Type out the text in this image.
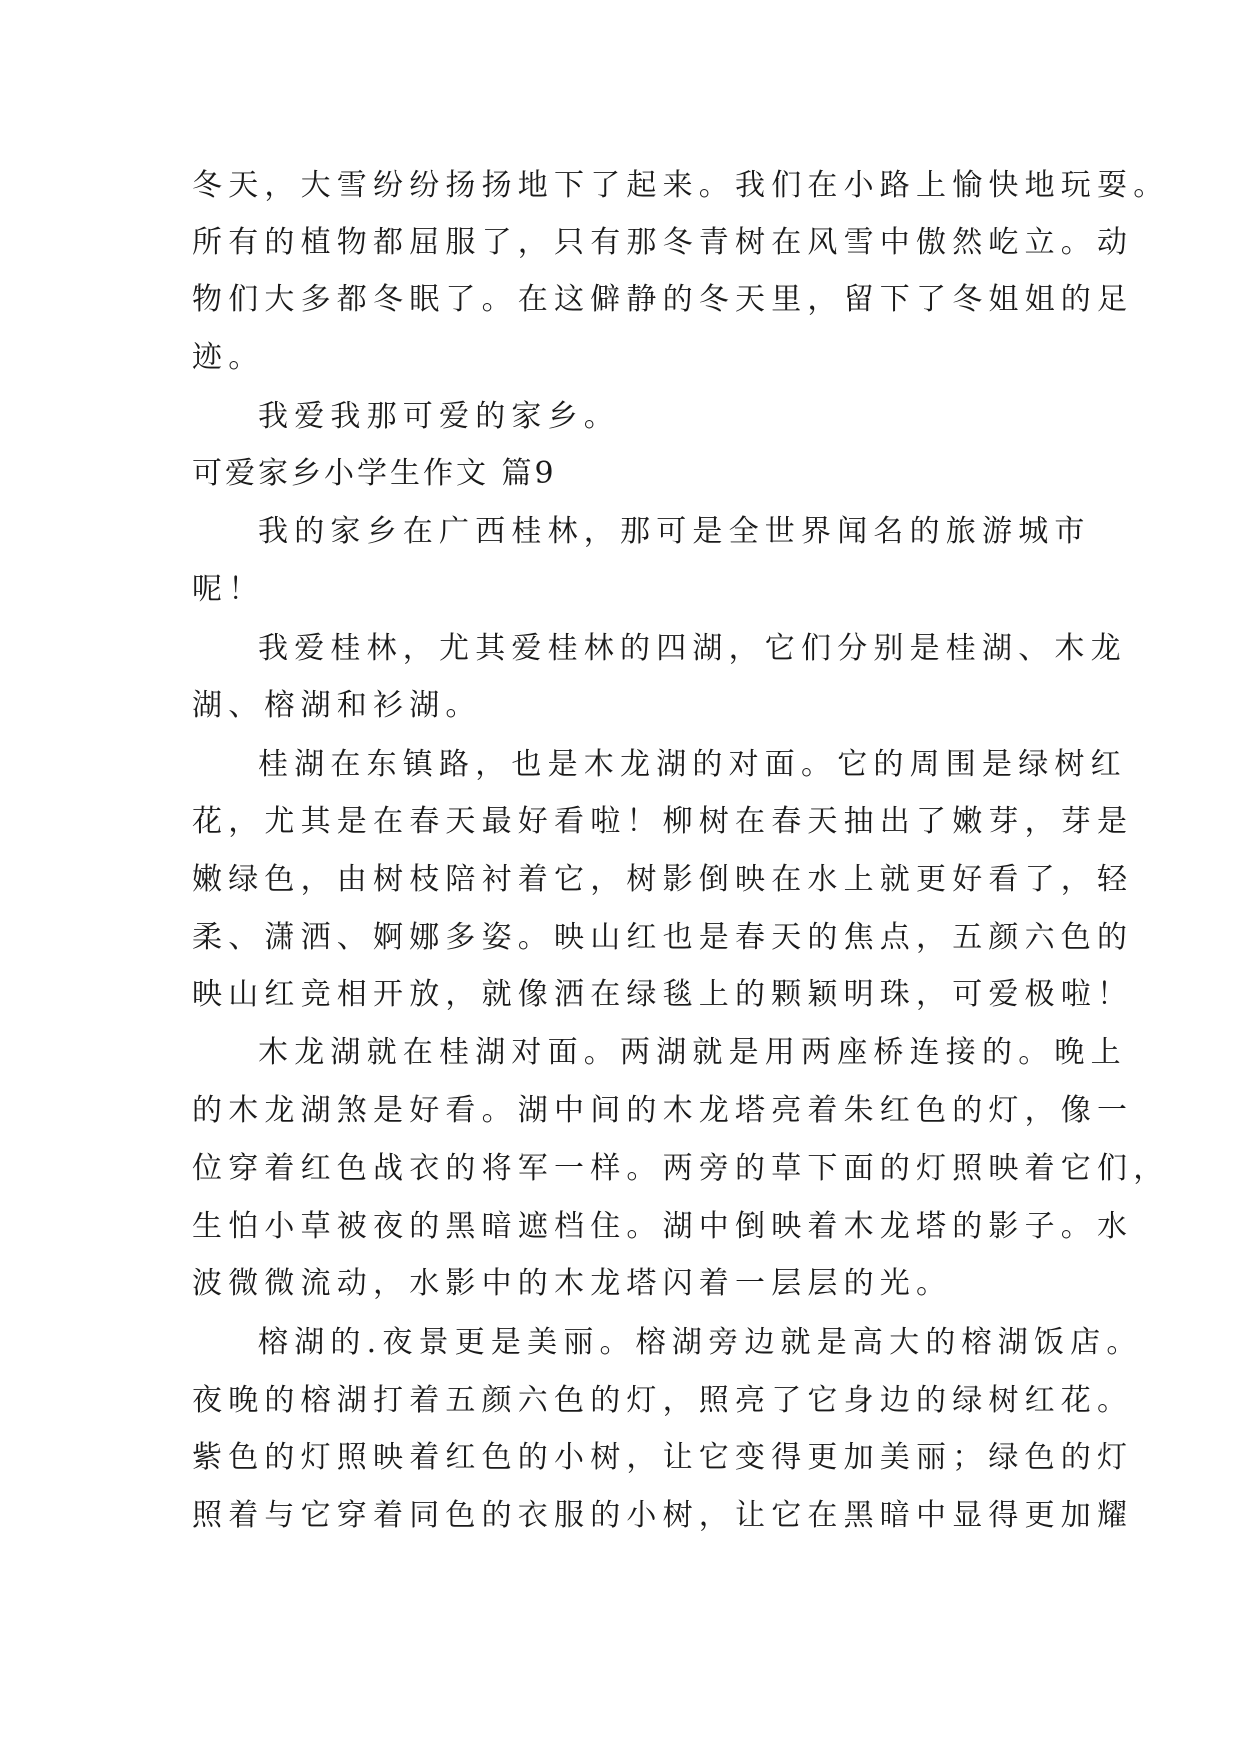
冬天，大雪纷纷扬扬地下了起来。我们在小路上愉快地玩耍。
所有的植物都屈服了，只有那冬青树在风雪中傲然屹立。动
物们大多都冬眠了。在这僻静的冬天里，留下了冬姐姐的足
迹。
我爱我那可爱的家乡。
可爱家乡小学生作文 篇9
我的家乡在广西桂林，那可是全世界闻名的旅游城市
呢！
我爱桂林，尤其爱桂林的四湖，它们分别是桂湖、木龙
湖、榕湖和衫湖。
桂湖在东镇路，也是木龙湖的对面。它的周围是绿树红
花，尤其是在春天最好看啦！柳树在春天抽出了嫩芽，芽是
嫩绿色，由树枝陪衬着它，树影倒映在水上就更好看了，轻
柔、潇洒、婀娜多姿。映山红也是春天的焦点，五颜六色的
映山红竞相开放，就像洒在绿毯上的颗颖明珠，可爱极啦！
木龙湖就在桂湖对面。两湖就是用两座桥连接的。晚上
的木龙湖煞是好看。湖中间的木龙塔亮着朱红色的灯，像一
位穿着红色战衣的将军一样。两旁的草下面的灯照映着它们，
生怕小草被夜的黑暗遮档住。湖中倒映着木龙塔的影子。水
波微微流动，水影中的木龙塔闪着一层层的光。
榕湖的.夜景更是美丽。榕湖旁边就是高大的榕湖饭店。
夜晚的榕湖打着五颜六色的灯，照亮了它身边的绿树红花。
紫色的灯照映着红色的小树，让它变得更加美丽；绿色的灯
照着与它穿着同色的衣服的小树，让它在黑暗中显得更加耀
